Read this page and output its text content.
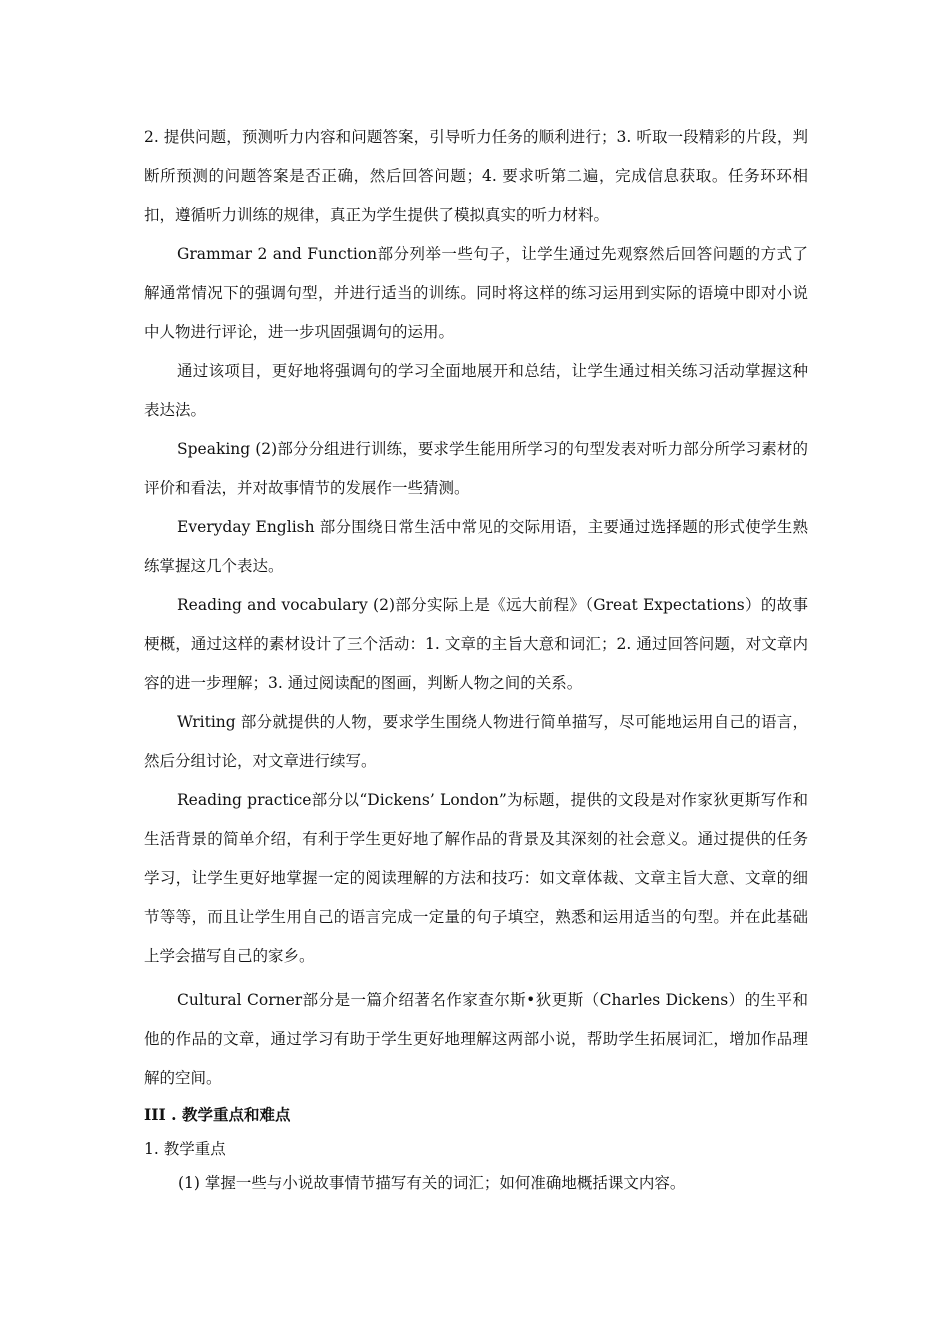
2. 提供问题，预测听力内容和问题答案，引导听力任务的顺利进行；3. 听取一段精彩的片段，判断所预测的问题答案是否正确，然后回答问题；4. 要求听第二遍，完成信息获取。任务环环相扣，遵循听力训练的规律，真正为学生提供了模拟真实的听力材料。

Grammar 2 and Function部分列举一些句子，让学生通过先观察然后回答问题的方式了解通常情况下的强调句型，并进行适当的训练。同时将这样的练习运用到实际的语境中即对小说中人物进行评论，进一步巩固强调句的运用。

通过该项目，更好地将强调句的学习全面地展开和总结，让学生通过相关练习活动掌握这种表达法。

Speaking (2)部分分组进行训练，要求学生能用所学习的句型发表对听力部分所学习素材的评价和看法，并对故事情节的发展作一些猜测。

Everyday English 部分围绕日常生活中常见的交际用语，主要通过选择题的形式使学生熟练掌握这几个表达。

Reading and vocabulary (2)部分实际上是《远大前程》（Great Expectations）的故事梗概，通过这样的素材设计了三个活动：1. 文章的主旨大意和词汇；2. 通过回答问题，对文章内容的进一步理解；3. 通过阅读配的图画，判断人物之间的关系。

Writing 部分就提供的人物，要求学生围绕人物进行简单描写，尽可能地运用自己的语言，然后分组讨论，对文章进行续写。

Reading practice部分以“Dickens’ London”为标题，提供的文段是对作家狄更斯写作和生活背景的简单介绍，有利于学生更好地了解作品的背景及其深刻的社会意义。通过提供的任务学习，让学生更好地掌握一定的阅读理解的方法和技巧：如文章体裁、文章主旨大意、文章的细节等等，而且让学生用自己的语言完成一定量的句子填空，熟悉和运用适当的句型。并在此基础上学会描写自己的家乡。

Cultural Corner部分是一篇介绍著名作家查尔斯•狄更斯（Charles Dickens）的生平和他的作品的文章，通过学习有助于学生更好地理解这两部小说，帮助学生拓展词汇，增加作品理解的空间。

III . 教学重点和难点

1. 教学重点

(1) 掌握一些与小说故事情节描写有关的词汇；如何准确地概括课文内容。
